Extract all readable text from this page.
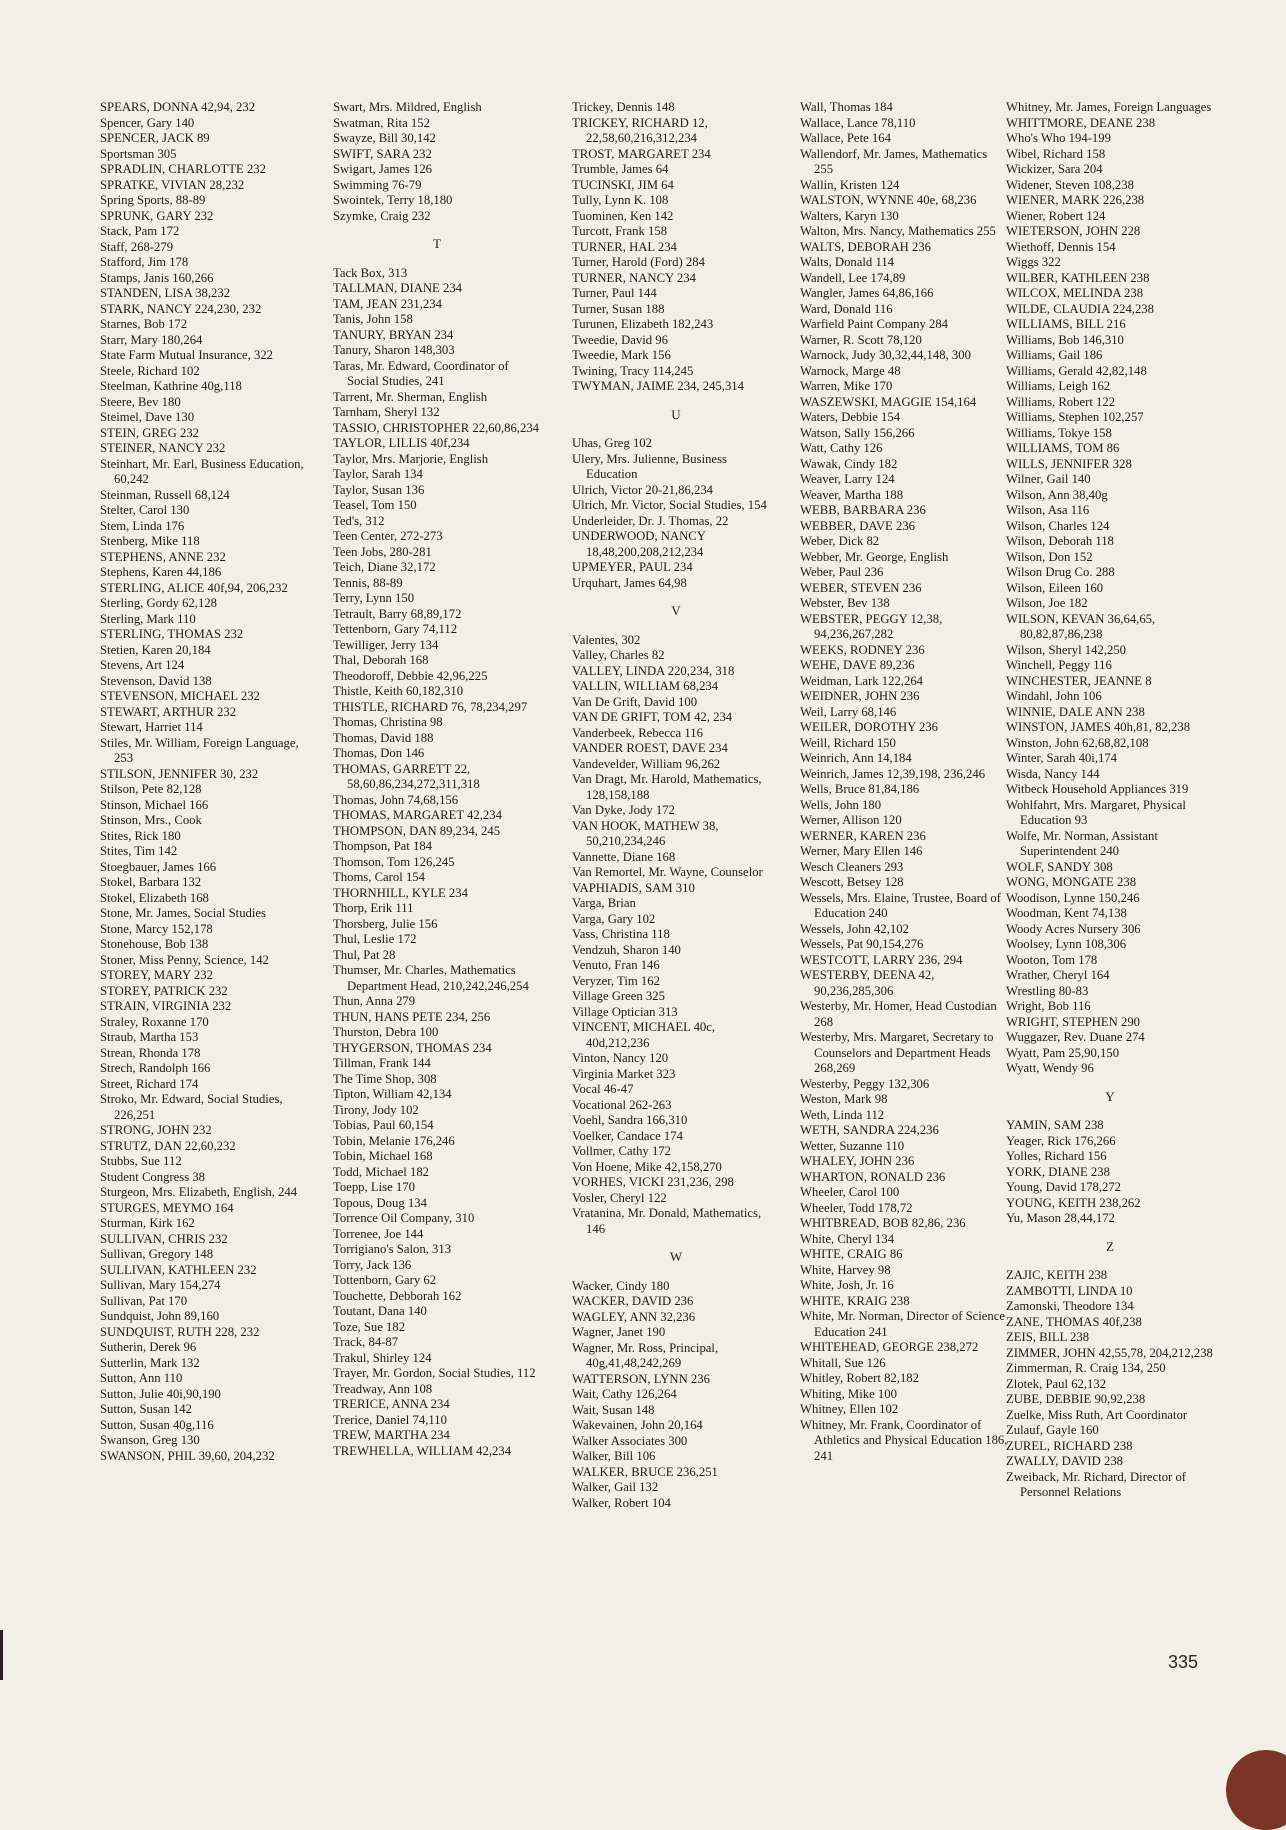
SPEARS, DONNA 42,94, 232
Spencer, Gary 140
SPENCER, JACK 89
Sportsman 305
SPRADLIN, CHARLOTTE 232
SPRATKE, VIVIAN 28,232
Spring Sports, 88-89
SPRUNK, GARY 232
Stack, Pam 172
Staff, 268-279
Stafford, Jim 178
Stamps, Janis 160,266
STANDEN, LISA 38,232
STARK, NANCY 224,230, 232
Starnes, Bob 172
Starr, Mary 180,264
State Farm Mutual Insurance, 322
Steele, Richard 102
Steelman, Kathrine 40g,118
Steere, Bev 180
Steimel, Dave 130
STEIN, GREG 232
STEINER, NANCY 232
Steinhart, Mr. Earl, Business Education, 60,242
Steinman, Russell 68,124
Stelter, Carol 130
Stem, Linda 176
Stenberg, Mike 118
STEPHENS, ANNE 232
Stephens, Karen 44,186
STERLING, ALICE 40f,94, 206,232
Sterling, Gordy 62,128
Sterling, Mark 110
STERLING, THOMAS 232
Stetien, Karen 20,184
Stevens, Art 124
Stevenson, David 138
STEVENSON, MICHAEL 232
STEWART, ARTHUR 232
Stewart, Harriet 114
Stiles, Mr. William, Foreign Language, 253
STILSON, JENNIFER 30, 232
Stilson, Pete 82,128
Stinson, Michael 166
Stinson, Mrs., Cook
Stites, Rick 180
Stites, Tim 142
Stoegbauer, James 166
Stokel, Barbara 132
Stokel, Elizabeth 168
Stone, Mr. James, Social Studies
Stone, Marcy 152,178
Stonehouse, Bob 138
Stoner, Miss Penny, Science, 142
STOREY, MARY 232
STOREY, PATRICK 232
STRAIN, VIRGINIA 232
Straley, Roxanne 170
Straub, Martha 153
Strean, Rhonda 178
Strech, Randolph 166
Street, Richard 174
Stroko, Mr. Edward, Social Studies, 226,251
STRONG, JOHN 232
STRUTZ, DAN 22,60,232
Stubbs, Sue 112
Student Congress 38
Sturgeon, Mrs. Elizabeth, English, 244
STURGES, MEYMO 164
Sturman, Kirk 162
SULLIVAN, CHRIS 232
Sullivan, Gregory 148
SULLIVAN, KATHLEEN 232
Sullivan, Mary 154,274
Sullivan, Pat 170
Sundquist, John 89,160
SUNDQUIST, RUTH 228, 232
Sutherin, Derek 96
Sutterlin, Mark 132
Sutton, Ann 110
Sutton, Julie 40i,90,190
Sutton, Susan 142
Sutton, Susan 40g,116
Swanson, Greg 130
SWANSON, PHIL 39,60, 204,232
Swart, Mrs. Mildred, English
Swatman, Rita 152
Swayze, Bill 30,142
SWIFT, SARA 232
Swigart, James 126
Swimming 76-79
Swointek, Terry 18,180
Szymke, Craig 232
T
Tack Box, 313
TALLMAN, DIANE 234
TAM, JEAN 231,234
Tanis, John 158
TANURY, BRYAN 234
Tanury, Sharon 148,303
Taras, Mr. Edward, Coordinator of Social Studies, 241
Tarrent, Mr. Sherman, English
Tarnham, Sheryl 132
TASSIO, CHRISTOPHER 22,60,86,234
TAYLOR, LILLIS 40f,234
Taylor, Mrs. Marjorie, English
Taylor, Sarah 134
Taylor, Susan 136
Teasel, Tom 150
Ted's, 312
Teen Center, 272-273
Teen Jobs, 280-281
Teich, Diane 32,172
Tennis, 88-89
Terry, Lynn 150
Tetrault, Barry 68,89,172
Tettenborn, Gary 74,112
Tewilliger, Jerry 134
Thal, Deborah 168
Theodoroff, Debbie 42,96,225
Thistle, Keith 60,182,310
THISTLE, RICHARD 76, 78,234,297
Thomas, Christina 98
Thomas, David 188
Thomas, Don 146
THOMAS, GARRETT 22, 58,60,86,234,272,311,318
Thomas, John 74,68,156
THOMAS, MARGARET 42,234
THOMPSON, DAN 89,234, 245
Thompson, Pat 184
Thomson, Tom 126,245
Thoms, Carol 154
THORNHILL, KYLE 234
Thorp, Erik 111
Thorsberg, Julie 156
Thul, Leslie 172
Thul, Pat 28
Thumser, Mr. Charles, Mathematics Department Head, 210,242,246,254
Thun, Anna 279
THUN, HANS PETE 234, 256
Thurston, Debra 100
THYGERSON, THOMAS 234
Tillman, Frank 144
The Time Shop, 308
Tipton, William 42,134
Tirony, Jody 102
Tobias, Paul 60,154
Tobin, Melanie 176,246
Tobin, Michael 168
Todd, Michael 182
Toepp, Lise 170
Topous, Doug 134
Torrence Oil Company, 310
Torrenee, Joe 144
Torrigiano's Salon, 313
Torry, Jack 136
Tottenborn, Gary 62
Touchette, Debborah 162
Toutant, Dana 140
Toze, Sue 182
Track, 84-87
Trakul, Shirley 124
Trayer, Mr. Gordon, Social Studies, 112
Treadway, Ann 108
TRERICE, ANNA 234
Trerice, Daniel 74,110
TREW, MARTHA 234
TREWHELLA, WILLIAM 42,234
Trickey, Dennis 148
TRICKEY, RICHARD 12, 22,58,60,216,312,234
TROST, MARGARET 234
Trumble, James 64
TUCINSKI, JIM 64
Tully, Lynn K. 108
Tuominen, Ken 142
Turcott, Frank 158
TURNER, HAL 234
Turner, Harold (Ford) 284
TURNER, NANCY 234
Turner, Paul 144
Turner, Susan 188
Turunen, Elizabeth 182,243
Tweedie, David 96
Tweedie, Mark 156
Twining, Tracy 114,245
TWYMAN, JAIME 234, 245,314
U
Uhas, Greg 102
Ulery, Mrs. Julienne, Business Education
Ulrich, Victor 20-21,86,234
Ulrich, Mr. Victor, Social Studies, 154
Underleider, Dr. J. Thomas, 22
UNDERWOOD, NANCY 18,48,200,208,212,234
UPMEYER, PAUL 234
Urquhart, James 64,98
V
Valentes, 302
Valley, Charles 82
VALLEY, LINDA 220,234, 318
VALLIN, WILLIAM 68,234
Van De Grift, David 100
VAN DE GRIFT, TOM 42, 234
Vanderbeek, Rebecca 116
VANDER ROEST, DAVE 234
Vandevelder, William 96,262
Van Dragt, Mr. Harold, Mathematics, 128,158,188
Van Dyke, Jody 172
VAN HOOK, MATHEW 38, 50,210,234,246
Vannette, Diane 168
Van Remortel, Mr. Wayne, Counselor
VAPHIADIS, SAM 310
Varga, Brian
Varga, Gary 102
Vass, Christina 118
Vendzuh, Sharon 140
Venuto, Fran 146
Veryzer, Tim 162
Village Green 325
Village Optician 313
VINCENT, MICHAEL 40c, 40d,212,236
Vinton, Nancy 120
Virginia Market 323
Vocal 46-47
Vocational 262-263
Voehl, Sandra 166,310
Voelker, Candace 174
Vollmer, Cathy 172
Von Hoene, Mike 42,158,270
VORHES, VICKI 231,236, 298
Vosler, Cheryl 122
Vratanina, Mr. Donald, Mathematics, 146
W
Wacker, Cindy 180
WACKER, DAVID 236
WAGLEY, ANN 32,236
Wagner, Janet 190
Wagner, Mr. Ross, Principal, 40g,41,48,242,269
WATTERSON, LYNN 236
Wait, Cathy 126,264
Wait, Susan 148
Wakevainen, John 20,164
Walker Associates 300
Walker, Bill 106
WALKER, BRUCE 236,251
Walker, Gail 132
Walker, Robert 104
Wall, Thomas 184
Wallace, Lance 78,110
Wallace, Pete 164
Wallendorf, Mr. James, Mathematics 255
Wallin, Kristen 124
WALSTON, WYNNE 40e, 68,236
Walters, Karyn 130
Walton, Mrs. Nancy, Mathematics 255
WALTS, DEBORAH 236
Walts, Donald 114
Wandell, Lee 174,89
Wangler, James 64,86,166
Ward, Donald 116
Warfield Paint Company 284
Warner, R. Scott 78,120
Warnock, Judy 30,32,44,148, 300
Warnock, Marge 48
Warren, Mike 170
WASZEWSKI, MAGGIE 154,164
Waters, Debbie 154
Watson, Sally 156,266
Watt, Cathy 126
Wawak, Cindy 182
Weaver, Larry 124
Weaver, Martha 188
WEBB, BARBARA 236
WEBBER, DAVE 236
Weber, Dick 82
Webber, Mr. George, English
Weber, Paul 236
WEBER, STEVEN 236
Webster, Bev 138
WEBSTER, PEGGY 12,38, 94,236,267,282
WEEKS, RODNEY 236
WEHE, DAVE 89,236
Weidman, Lark 122,264
WEIDNER, JOHN 236
Weil, Larry 68,146
WEILER, DOROTHY 236
Weill, Richard 150
Weinrich, Ann 14,184
Weinrich, James 12,39,198, 236,246
Wells, Bruce 81,84,186
Wells, John 180
Werner, Allison 120
WERNER, KAREN 236
Werner, Mary Ellen 146
Wesch Cleaners 293
Wescott, Betsey 128
Wessels, Mrs. Elaine, Trustee, Board of Education 240
Wessels, John 42,102
Wessels, Pat 90,154,276
WESTCOTT, LARRY 236, 294
WESTERBY, DEENA 42, 90,236,285,306
Westerby, Mr. Homer, Head Custodian 268
Westerby, Mrs. Margaret, Secretary to Counselors and Department Heads 268,269
Westerby, Peggy 132,306
Weston, Mark 98
Weth, Linda 112
WETH, SANDRA 224,236
Wetter, Suzanne 110
WHALEY, JOHN 236
WHARTON, RONALD 236
Wheeler, Carol 100
Wheeler, Todd 178,72
WHITBREAD, BOB 82,86, 236
White, Cheryl 134
WHITE, CRAIG 86
White, Harvey 98
White, Josh, Jr. 16
WHITE, KRAIG 238
White, Mr. Norman, Director of Science Education 241
WHITEHEAD, GEORGE 238,272
Whitall, Sue 126
Whitley, Robert 82,182
Whiting, Mike 100
Whitney, Ellen 102
Whitney, Mr. Frank, Coordinator of Athletics and Physical Education 186, 241
Whitney, Mr. James, Foreign Languages
WHITTMORE, DEANE 238
Who's Who 194-199
Wibel, Richard 158
Wickizer, Sara 204
Widener, Steven 108,238
WIENER, MARK 226,238
Wiener, Robert 124
WIETERSON, JOHN 228
Wiethoff, Dennis 154
Wiggs 322
WILBER, KATHLEEN 238
WILCOX, MELINDA 238
WILDE, CLAUDIA 224,238
WILLIAMS, BILL 216
Williams, Bob 146,310
Williams, Gail 186
Williams, Gerald 42,82,148
Williams, Leigh 162
Williams, Robert 122
Williams, Stephen 102,257
Williams, Tokye 158
WILLIAMS, TOM 86
WILLS, JENNIFER 328
Wilner, Gail 140
Wilson, Ann 38,40g
Wilson, Asa 116
Wilson, Charles 124
Wilson, Deborah 118
Wilson, Don 152
Wilson Drug Co. 288
Wilson, Eileen 160
Wilson, Joe 182
WILSON, KEVAN 36,64,65, 80,82,87,86,238
Wilson, Sheryl 142,250
Winchell, Peggy 116
WINCHESTER, JEANNE 8
Windahl, John 106
WINNIE, DALE ANN 238
WINSTON, JAMES 40h,81, 82,238
Winston, John 62,68,82,108
Winter, Sarah 40i,174
Wisda, Nancy 144
Witbeck Household Appliances 319
Wohlfahrt, Mrs. Margaret, Physical Education 93
Wolfe, Mr. Norman, Assistant Superintendent 240
WOLF, SANDY 308
WONG, MONGATE 238
Woodison, Lynne 150,246
Woodman, Kent 74,138
Woody Acres Nursery 306
Woolsey, Lynn 108,306
Wooton, Tom 178
Wrather, Cheryl 164
Wrestling 80-83
Wright, Bob 116
WRIGHT, STEPHEN 290
Wuggazer, Rev. Duane 274
Wyatt, Pam 25,90,150
Wyatt, Wendy 96
Y
YAMIN, SAM 238
Yeager, Rick 176,266
Yolles, Richard 156
YORK, DIANE 238
Young, David 178,272
YOUNG, KEITH 238,262
Yu, Mason 28,44,172
Z
ZAJIC, KEITH 238
ZAMBOTTI, LINDA 10
Zamonski, Theodore 134
ZANE, THOMAS 40f,238
ZEIS, BILL 238
ZIMMER, JOHN 42,55,78, 204,212,238
Zimmerman, R. Craig 134, 250
Zlotek, Paul 62,132
ZUBE, DEBBIE 90,92,238
Zuelke, Miss Ruth, Art Coordinator
Zulauf, Gayle 160
ZUREL, RICHARD 238
ZWALLY, DAVID 238
Zweiback, Mr. Richard, Director of Personnel Relations
335
